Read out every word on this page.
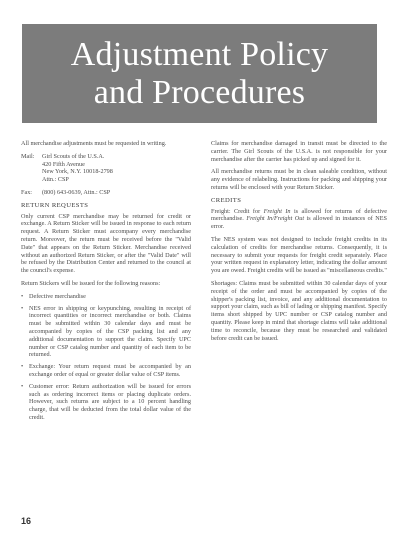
Adjustment Policy
and Procedures

All merchandise adjustments must be requested in writing.

Mail:	Girl Scouts of the U.S.A.
420 Fifth Avenue
New York, N.Y. 10018-2798
Attn.: CSP
Fax:	(800) 643-0639, Attn.: CSP
RETURN REQUESTS

Only current CSP merchandise may be returned for credit or exchange. A Return Sticker will be issued in response to each return request. A Return Sticker must accompany every merchandise return. Moreover, the return must be received before the "Valid Date" that appears on the Return Sticker. Merchandise received without an authorized Return Sticker, or after the "Valid Date" will be refused by the Distribution Center and returned to the council at the council's expense.

Return Stickers will be issued for the following reasons:

• Defective merchandise
• NES error in shipping or keypunching, resulting in receipt of incorrect quantities or incorrect merchandise or both. Claims must be submitted within 30 calendar days and must be accompanied by copies of the CSP packing list and any additional documentation to support the claim. Specify UPC number or CSP catalog number and quantity of each item to be returned.
• Exchange: Your return request must be accompanied by an exchange order of equal or greater dollar value of CSP items.
• Customer error: Return authorization will be issued for errors such as ordering incorrect items or placing duplicate orders. However, such returns are subject to a 10 percent handling charge, that will be deducted from the total dollar value of the credit.

Claims for merchandise damaged in transit must be directed to the carrier. The Girl Scouts of the U.S.A. is not responsible for your merchandise after the carrier has picked up and signed for it.

All merchandise returns must be in clean saleable condition, without any evidence of relabeling. Instructions for packing and shipping your returns will be enclosed with your Return Sticker.

CREDITS

Freight: Credit for Freight In is allowed for returns of defective merchandise. Freight In/Freight Out is allowed in instances of NES error.

The NES system was not designed to include freight credits in its calculation of credits for merchandise returns. Consequently, it is necessary to submit your requests for freight credit separately. Place your written request in explanatory letter, indicating the dollar amount you are owed. Freight credits will be issued as "miscellaneous credits."

Shortages: Claims must be submitted within 30 calendar days of your receipt of the order and must be accompanied by copies of the shipper's packing list, invoice, and any additional documentation to support your claim, such as bill of lading or shipping manifest. Specify items short shipped by UPC number or CSP catalog number and quantity. Please keep in mind that shortage claims will take additional time to reconcile, because they must be researched and validated before credit can be issued.

16
